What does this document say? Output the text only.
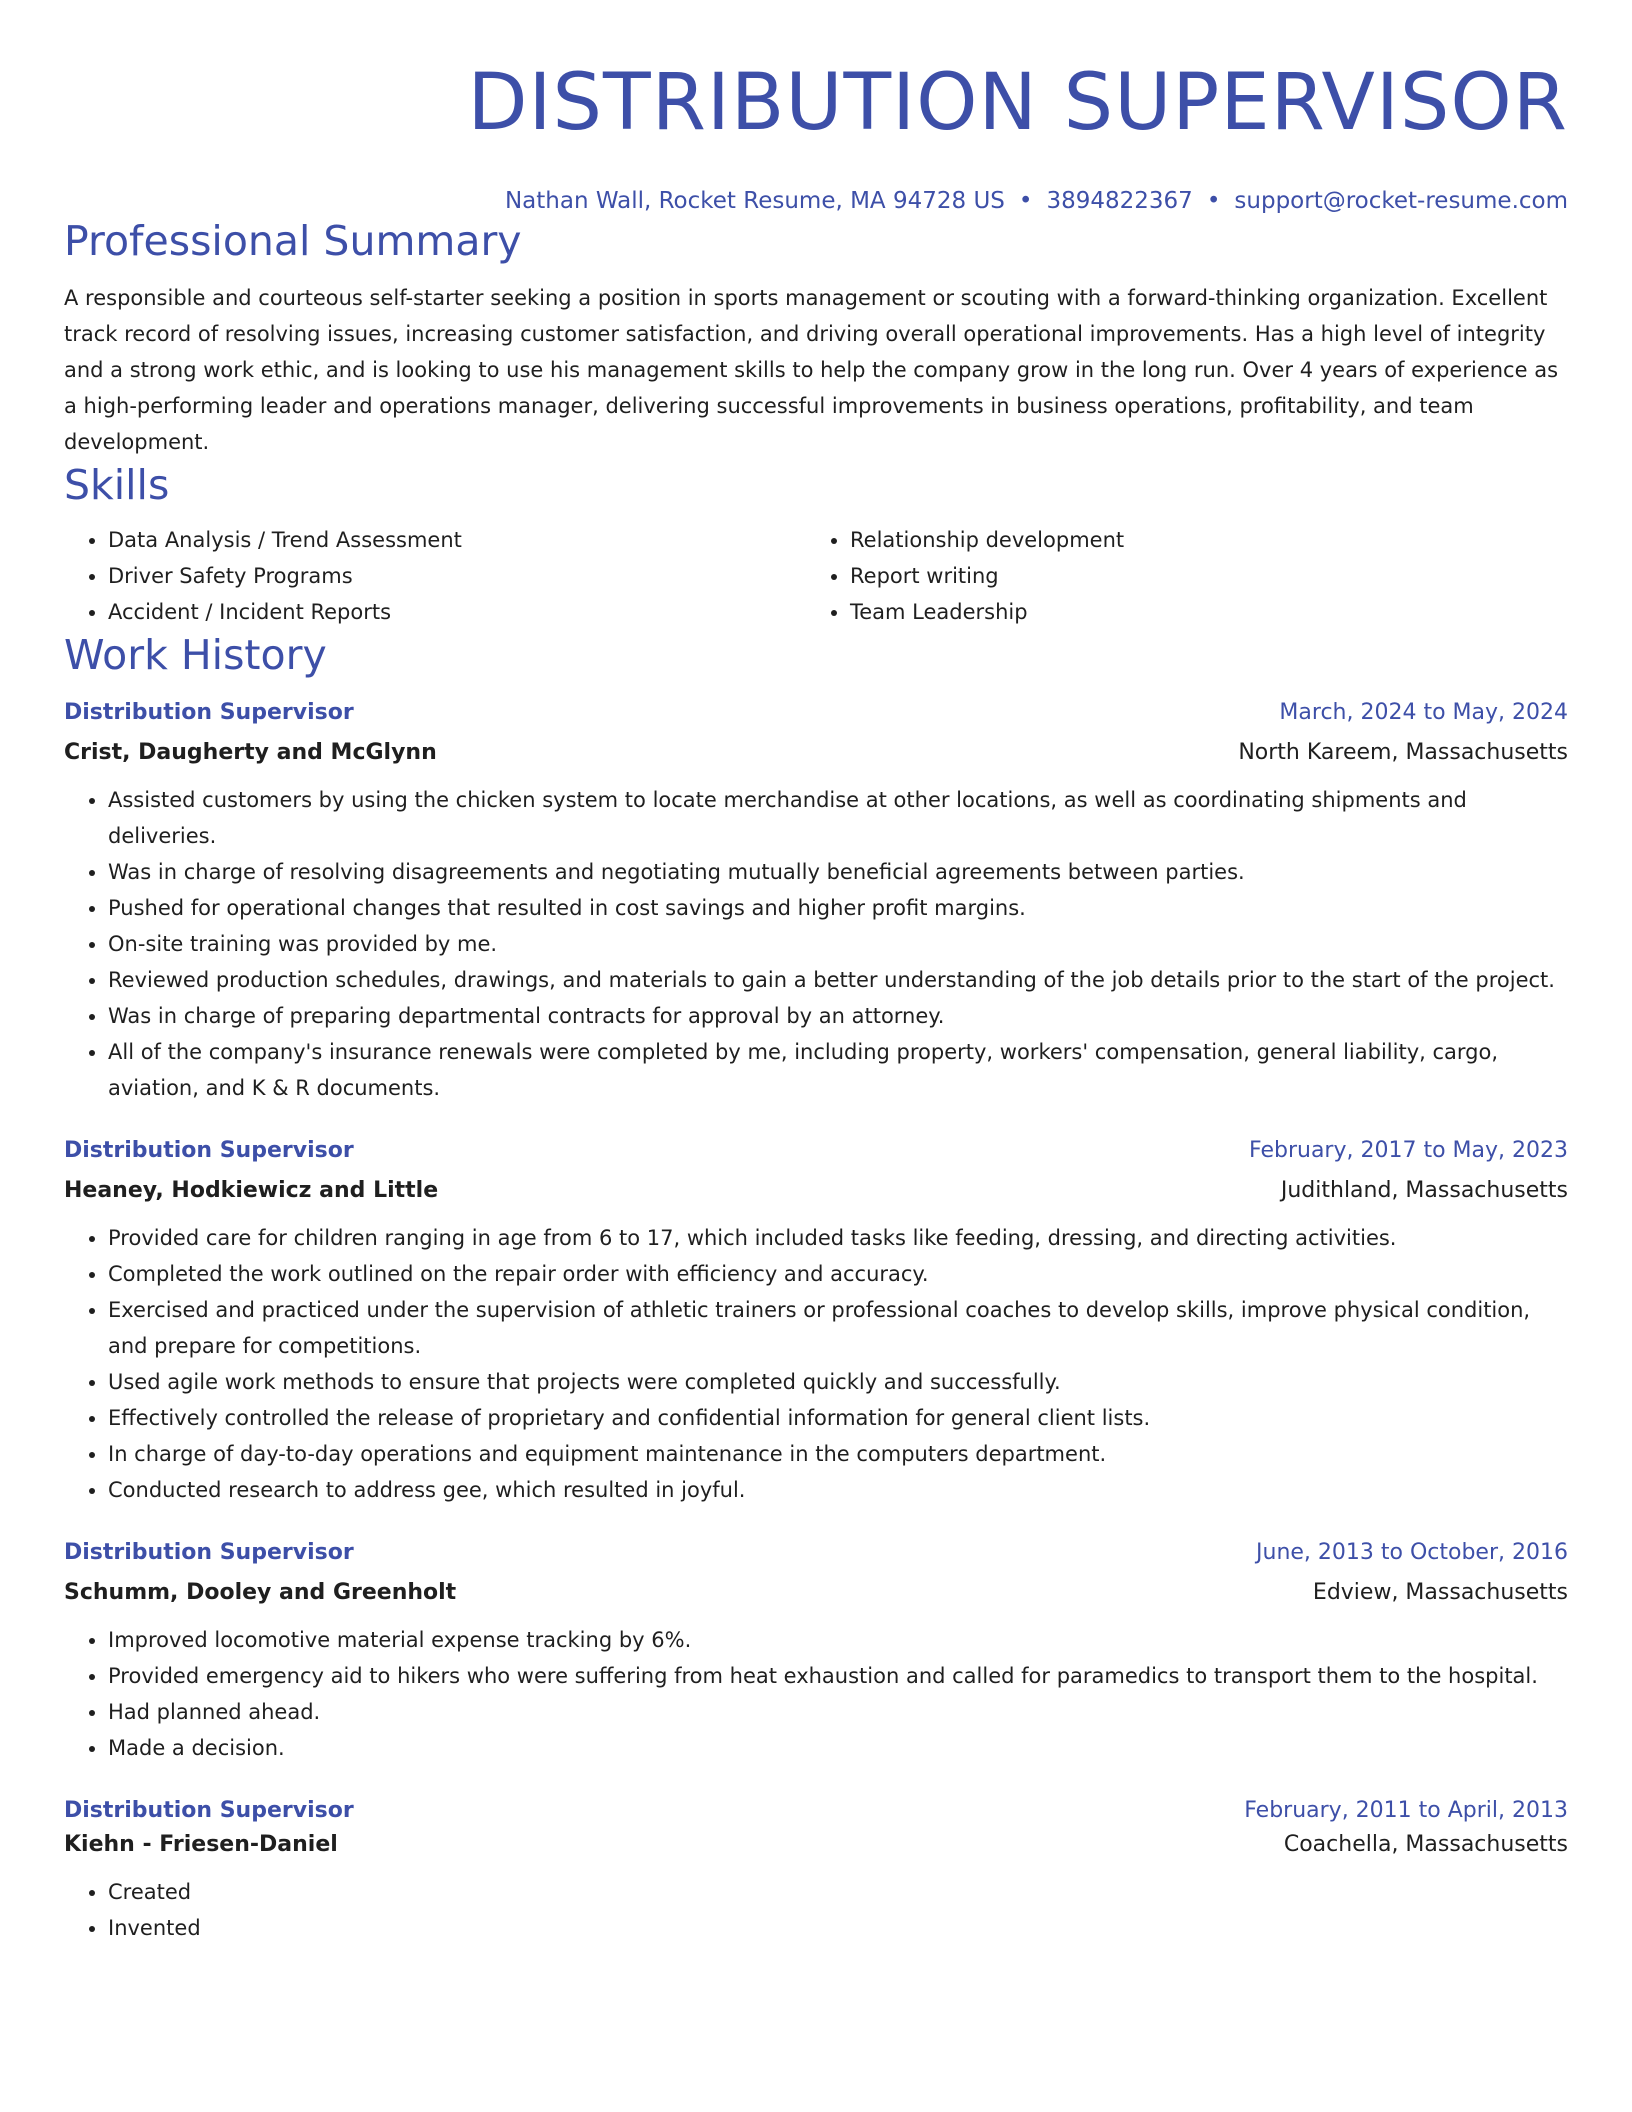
DISTRIBUTION SUPERVISOR
Nathan Wall, Rocket Resume, MA 94728 US • 3894822367 • support@rocket-resume.com
Professional Summary
A responsible and courteous self-starter seeking a position in sports management or scouting with a forward-thinking organization. Excellent track record of resolving issues, increasing customer satisfaction, and driving overall operational improvements. Has a high level of integrity and a strong work ethic, and is looking to use his management skills to help the company grow in the long run. Over 4 years of experience as a high-performing leader and operations manager, delivering successful improvements in business operations, profitability, and team development.
Skills
• Data Analysis / Trend Assessment
• Driver Safety Programs
• Accident / Incident Reports
• Relationship development
• Report writing
• Team Leadership
Work History
Distribution Supervisor	March, 2024 to May, 2024
Crist, Daugherty and McGlynn	North Kareem, Massachusetts
• Assisted customers by using the chicken system to locate merchandise at other locations, as well as coordinating shipments and deliveries.
• Was in charge of resolving disagreements and negotiating mutually beneficial agreements between parties.
• Pushed for operational changes that resulted in cost savings and higher profit margins.
• On-site training was provided by me.
• Reviewed production schedules, drawings, and materials to gain a better understanding of the job details prior to the start of the project.
• Was in charge of preparing departmental contracts for approval by an attorney.
• All of the company's insurance renewals were completed by me, including property, workers' compensation, general liability, cargo, aviation, and K & R documents.
Distribution Supervisor	February, 2017 to May, 2023
Heaney, Hodkiewicz and Little	Judithland, Massachusetts
• Provided care for children ranging in age from 6 to 17, which included tasks like feeding, dressing, and directing activities.
• Completed the work outlined on the repair order with efficiency and accuracy.
• Exercised and practiced under the supervision of athletic trainers or professional coaches to develop skills, improve physical condition, and prepare for competitions.
• Used agile work methods to ensure that projects were completed quickly and successfully.
• Effectively controlled the release of proprietary and confidential information for general client lists.
• In charge of day-to-day operations and equipment maintenance in the computers department.
• Conducted research to address gee, which resulted in joyful.
Distribution Supervisor	June, 2013 to October, 2016
Schumm, Dooley and Greenholt	Edview, Massachusetts
• Improved locomotive material expense tracking by 6%.
• Provided emergency aid to hikers who were suffering from heat exhaustion and called for paramedics to transport them to the hospital.
• Had planned ahead.
• Made a decision.
Distribution Supervisor	February, 2011 to April, 2013
Kiehn - Friesen-Daniel	Coachella, Massachusetts
• Created
• Invented
